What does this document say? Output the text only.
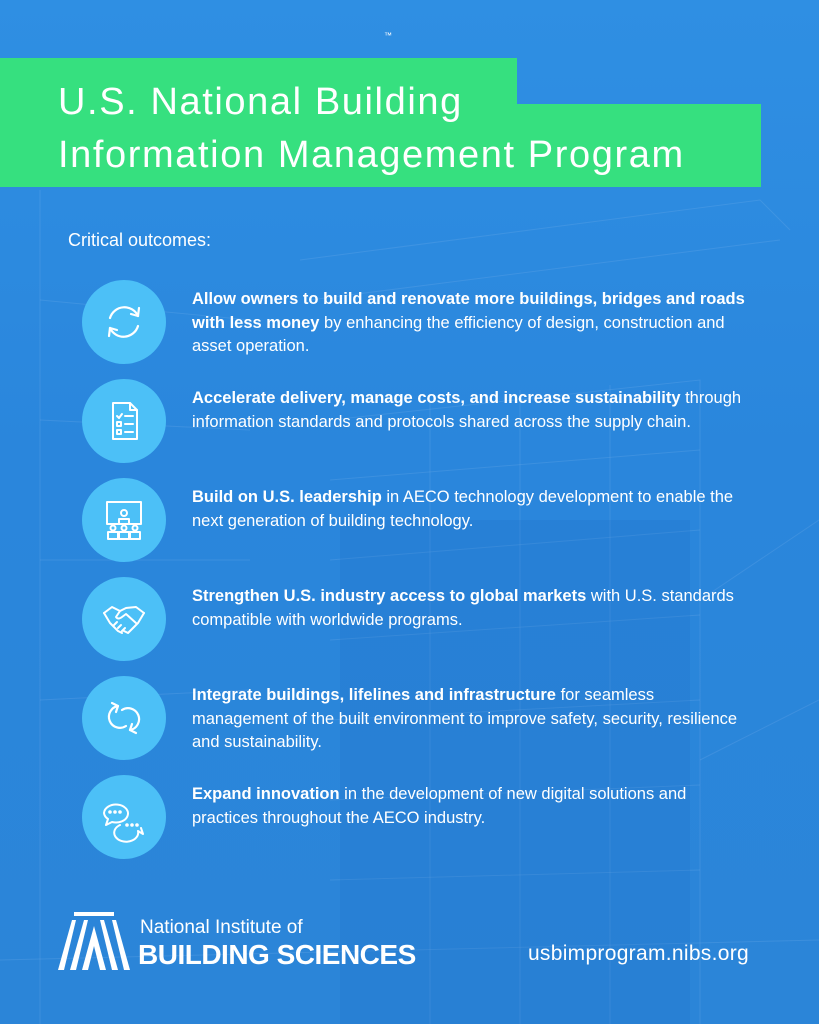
U.S. National Building
Information Management Program
Critical outcomes:
Allow owners to build and renovate more buildings, bridges and roads with less money by enhancing the efficiency of design, construction and asset operation.
Accelerate delivery, manage costs, and increase sustainability through information standards and protocols shared across the supply chain.
Build on U.S. leadership in AECO technology development to enable the next generation of building technology.
Strengthen U.S. industry access to global markets with U.S. standards compatible with worldwide programs.
Integrate buildings, lifelines and infrastructure for seamless management of the built environment to improve safety, security, resilience and sustainability.
Expand innovation in the development of new digital solutions and practices throughout the AECO industry.
National Institute of
BUILDING SCIENCES
™
usbimprogram.nibs.org
